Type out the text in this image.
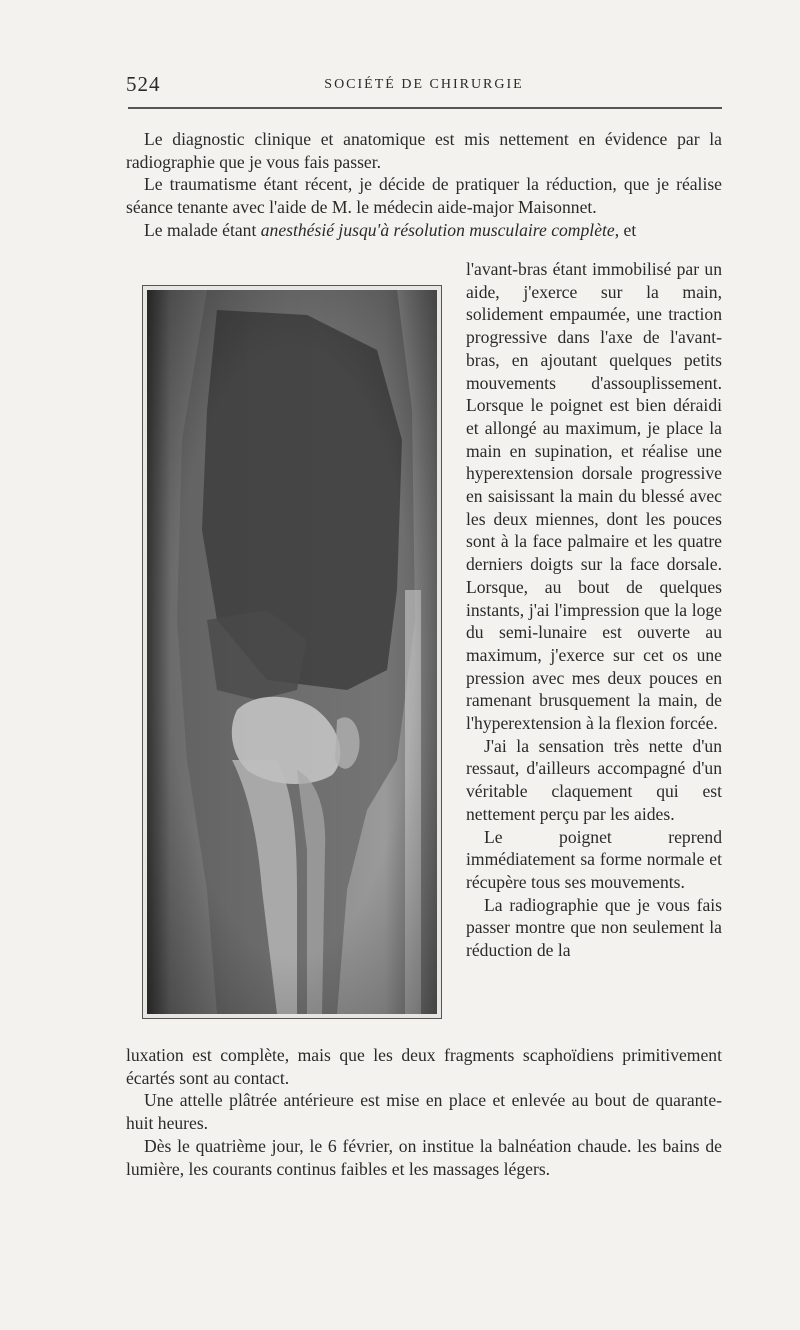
524	SOCIÉTÉ DE CHIRURGIE

Le diagnostic clinique et anatomique est mis nettement en évidence par la radiographie que je vous fais passer.

Le traumatisme étant récent, je décide de pratiquer la réduction, que je réalise séance tenante avec l'aide de M. le médecin aide-major Maisonnet.

Le malade étant anesthésié jusqu'à résolution musculaire complète, et

l'avant-bras étant immobilisé par un aide, j'exerce sur la main, solidement empaumée, une traction progressive dans l'axe de l'avant-bras, en ajoutant quelques petits mouvements d'assouplissement. Lorsque le poignet est bien déraidi et allongé au maximum, je place la main en supination, et réalise une hyperextension dorsale progressive en saisissant la main du blessé avec les deux miennes, dont les pouces sont à la face palmaire et les quatre derniers doigts sur la face dorsale. Lorsque, au bout de quelques instants, j'ai l'impression que la loge du semi-lunaire est ouverte au maximum, j'exerce sur cet os une pression avec mes deux pouces en ramenant brusquement la main, de l'hyperextension à la flexion forcée.

J'ai la sensation très nette d'un ressaut, d'ailleurs accompagné d'un véritable claquement qui est nettement perçu par les aides.

Le poignet reprend immédiatement sa forme normale et récupère tous ses mouvements.

La radiographie que je vous fais passer montre que non seulement la réduction de la

luxation est complète, mais que les deux fragments scaphoïdiens primitivement écartés sont au contact.

Une attelle plâtrée antérieure est mise en place et enlevée au bout de quarante-huit heures.

Dès le quatrième jour, le 6 février, on institue la balnéation chaude. les bains de lumière, les courants continus faibles et les massages légers.
